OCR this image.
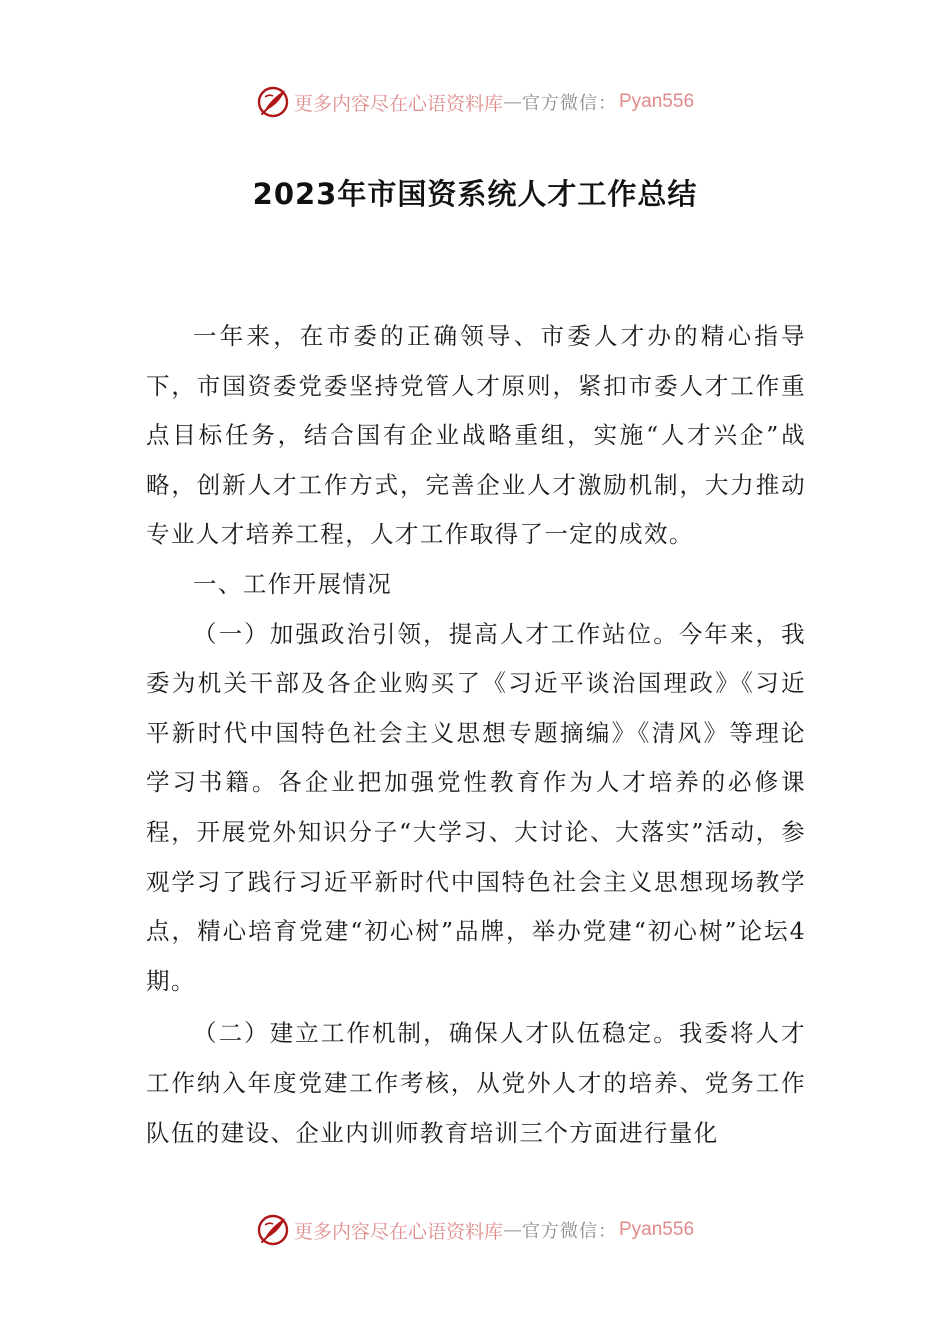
更多内容尽在心语资料库 — 官方微信： Pyan556
2023年市国资系统人才工作总结

一年来，在市委的正确领导、市委人才办的精心指导下，市国资委党委坚持党管人才原则，紧扣市委人才工作重点目标任务，结合国有企业战略重组，实施“人才兴企”战略，创新人才工作方式，完善企业人才激励机制，大力推动专业人才培养工程，人才工作取得了一定的成效。

一、工作开展情况

（一）加强政治引领，提高人才工作站位。今年来，我委为机关干部及各企业购买了《习近平谈治国理政》《习近平新时代中国特色社会主义思想专题摘编》《清风》等理论学习书籍。各企业把加强党性教育作为人才培养的必修课程，开展党外知识分子“大学习、大讨论、大落实”活动，参观学习了践行习近平新时代中国特色社会主义思想现场教学点，精心培育党建“初心树”品牌，举办党建“初心树”论坛4期。

（二）建立工作机制，确保人才队伍稳定。我委将人才工作纳入年度党建工作考核，从党外人才的培养、党务工作队伍的建设、企业内训师教育培训三个方面进行量化

更多内容尽在心语资料库 — 官方微信： Pyan556
